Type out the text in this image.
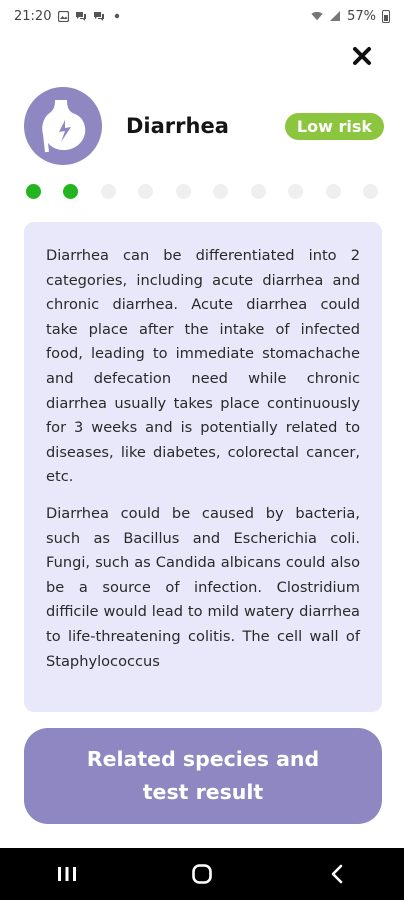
21:20	57%
Diarrhea	Low risk

Diarrhea can be differentiated into 2 categories, including acute diarrhea and chronic diarrhea. Acute diarrhea could take place after the intake of infected food, leading to immediate stomachache and defecation need while chronic diarrhea usually takes place continuously for 3 weeks and is potentially related to diseases, like diabetes, colorectal cancer, etc.

Diarrhea could be caused by bacteria, such as Bacillus and Escherichia coli. Fungi, such as Candida albicans could also be a source of infection. Clostridium difficile would lead to mild watery diarrhea to life-threatening colitis. The cell wall of Staphylococcus

Related species and test result
